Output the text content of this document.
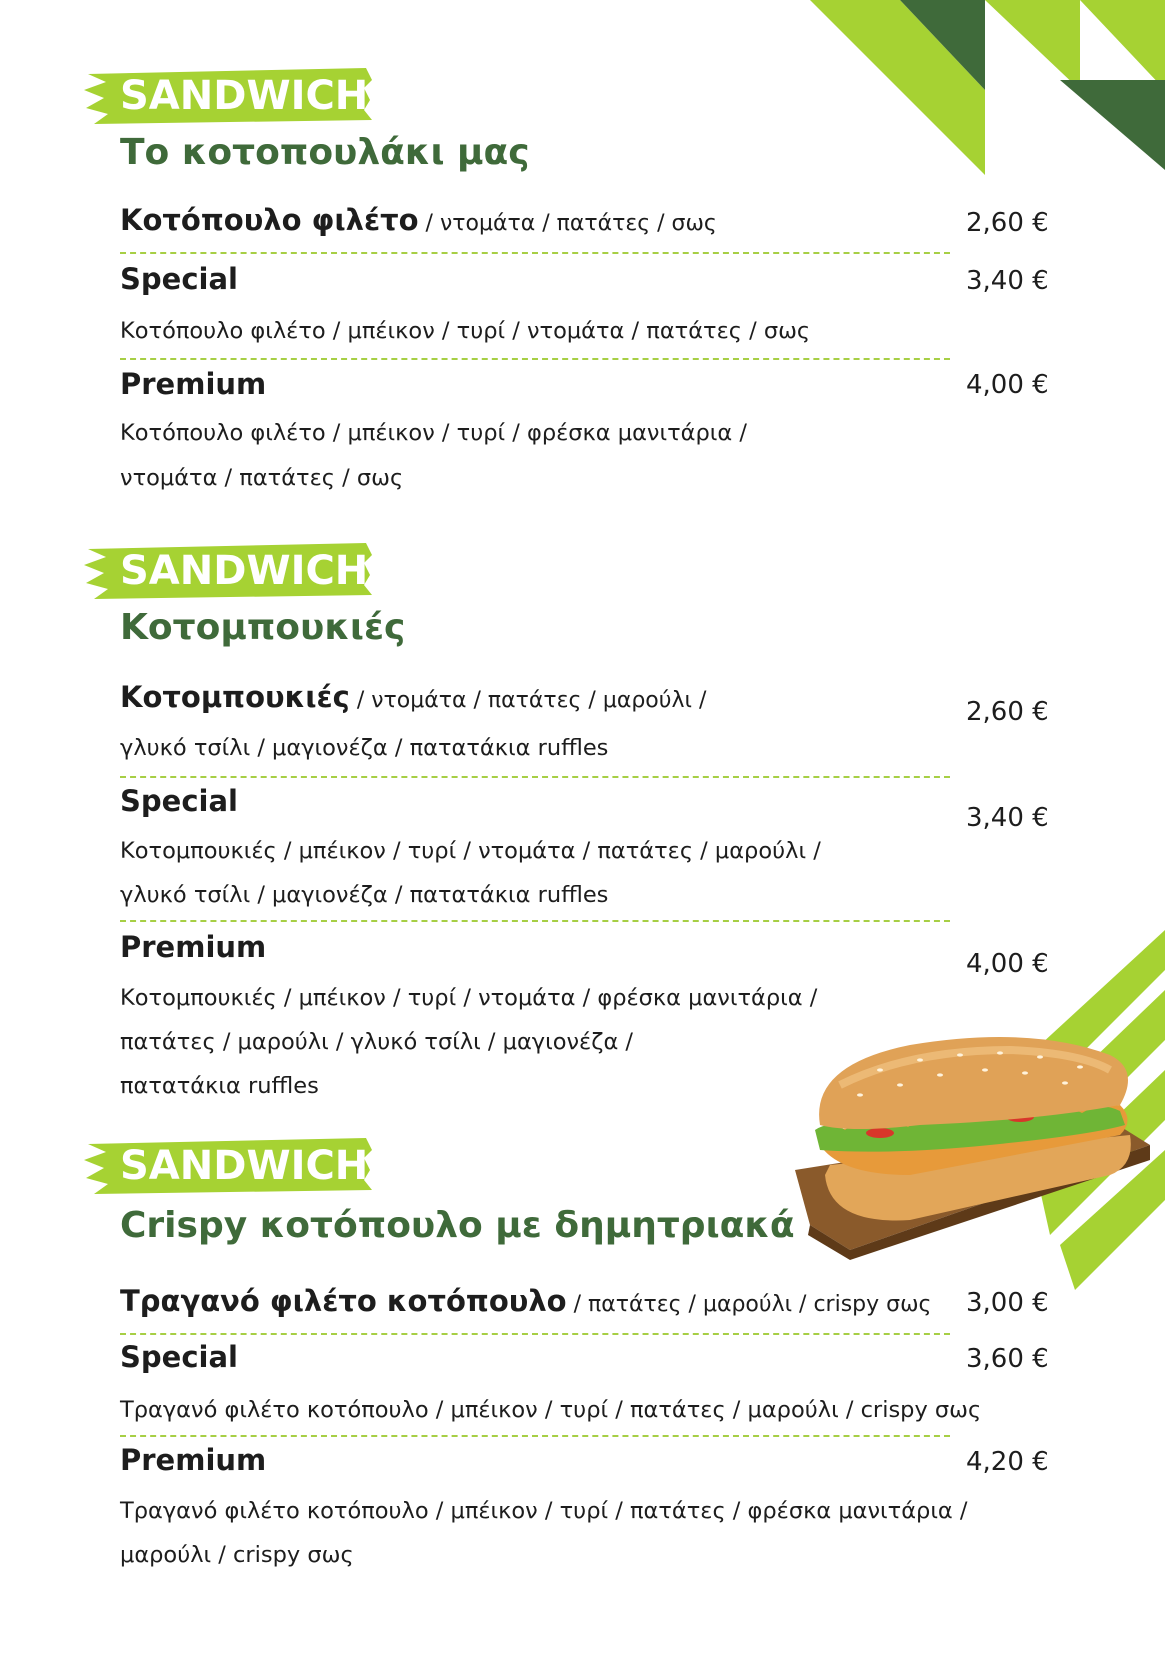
SANDWICH
Το κοτοπουλάκι μας
Κοτόπουλο φιλέτο / ντομάτα / πατάτες / σως	2,60 €
Special	3,40 €
Κοτόπουλο φιλέτο / μπέικον / τυρί / ντομάτα / πατάτες / σως
Premium	4,00 €
Κοτόπουλο φιλέτο / μπέικον / τυρί / φρέσκα μανιτάρια /
ντομάτα / πατάτες / σως
SANDWICH
Κοτομπουκιές
Κοτομπουκιές / ντομάτα / πατάτες / μαρούλι /	2,60 €
γλυκό τσίλι / μαγιονέζα / πατατάκια ruffles
Special	3,40 €
Κοτομπουκιές / μπέικον / τυρί / ντομάτα / πατάτες / μαρούλι /
γλυκό τσίλι / μαγιονέζα / πατατάκια ruffles
Premium	4,00 €
Κοτομπουκιές / μπέικον / τυρί / ντομάτα / φρέσκα μανιτάρια /
πατάτες / μαρούλι / γλυκό τσίλι / μαγιονέζα /
πατατάκια ruffles
SANDWICH
Crispy κοτόπουλο με δημητριακά
Τραγανό φιλέτο κοτόπουλο / πατάτες / μαρούλι / crispy σως 3,00 €
Special	3,60 €
Τραγανό φιλέτο κοτόπουλο / μπέικον / τυρί / πατάτες / μαρούλι / crispy σως
Premium	4,20 €
Τραγανό φιλέτο κοτόπουλο / μπέικον / τυρί / πατάτες / φρέσκα μανιτάρια /
μαρούλι / crispy σως
